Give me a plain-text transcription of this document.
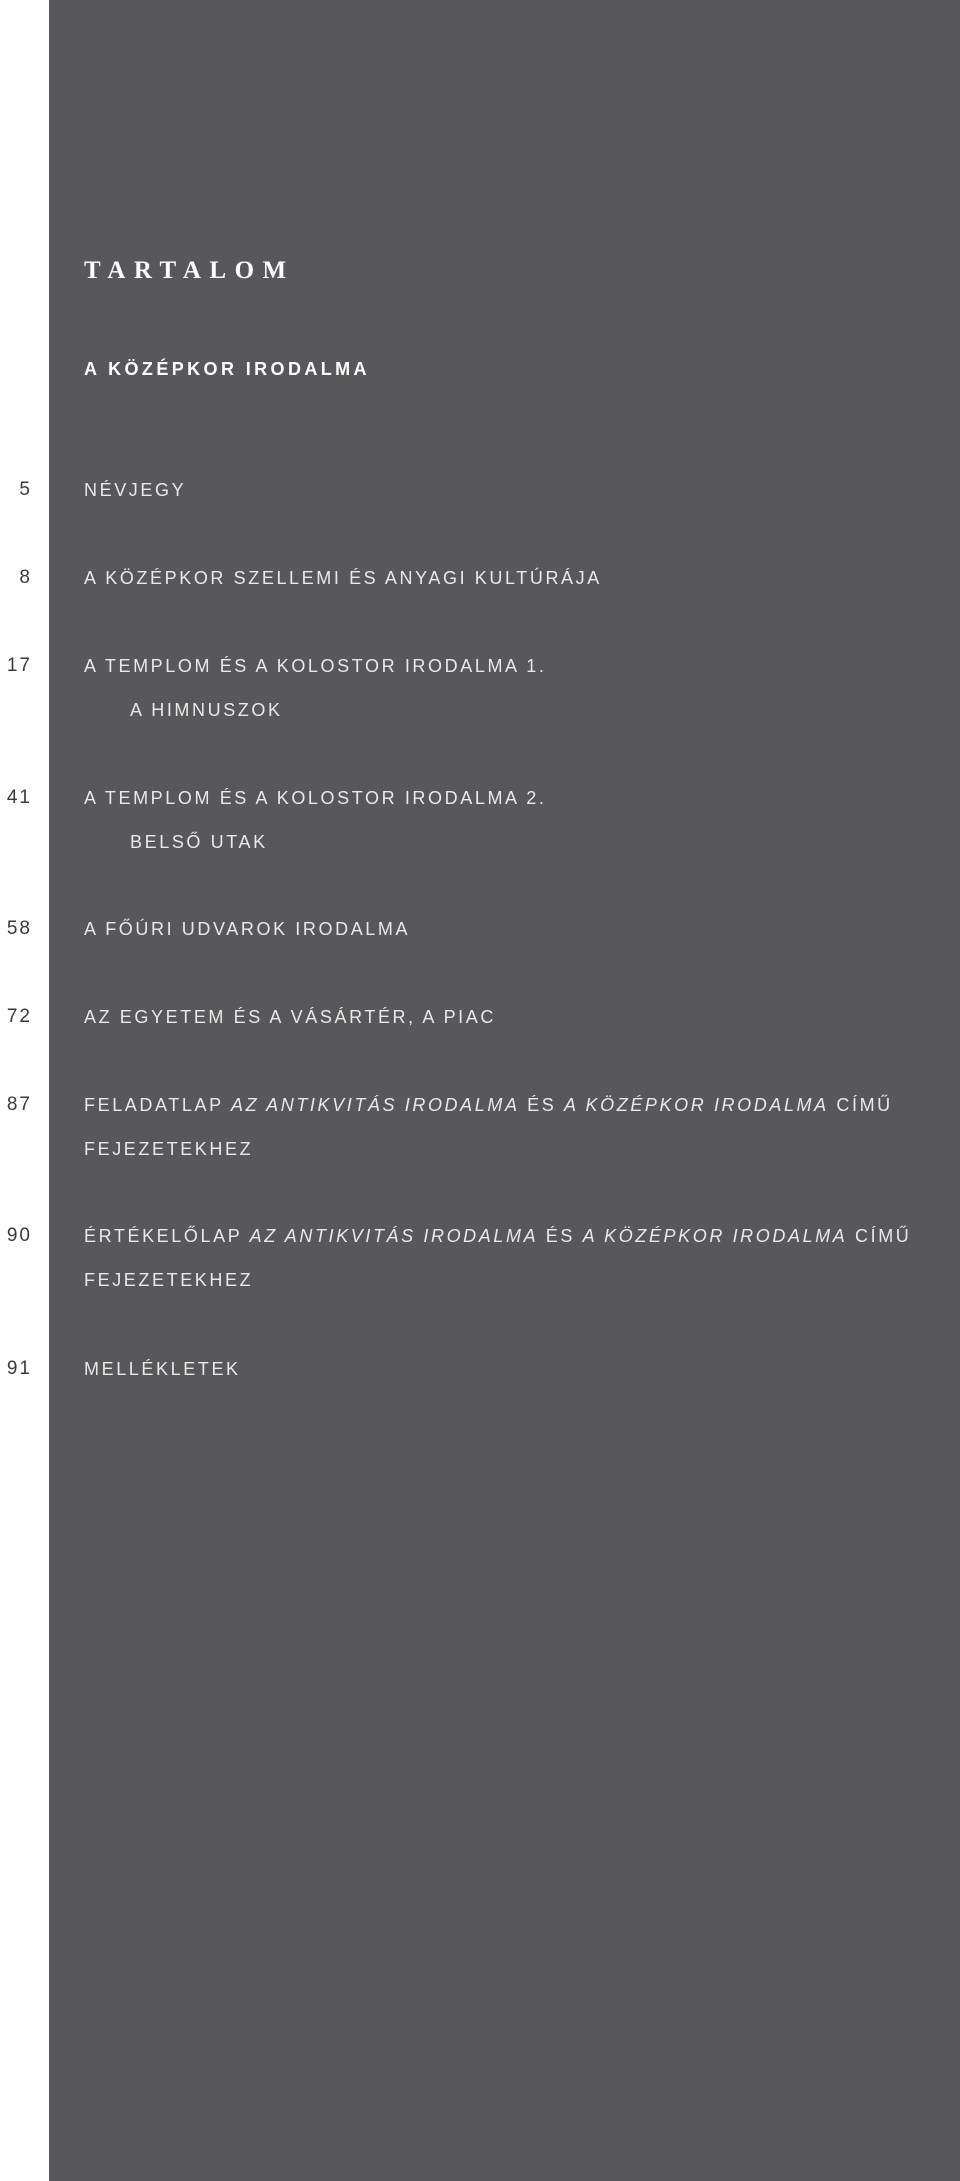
TARTALOM
A KÖZÉPKOR IRODALMA
5	NÉVJEGY
8	A KÖZÉPKOR SZELLEMI ÉS ANYAGI KULTÚRÁJA
17	A TEMPLOM ÉS A KOLOSTOR IRODALMA 1.
A HIMNUSZOK
41	A TEMPLOM ÉS A KOLOSTOR IRODALMA 2.
BELSŐ UTAK
58	A FŐÚRI UDVAROK IRODALMA
72	AZ EGYETEM ÉS A VÁSÁRTÉR, A PIAC
87	FELADATLAP AZ ANTIKVITÁS IRODALMA ÉS A KÖZÉPKOR IRODALMA CÍMŰ
FEJEZETEKHEZ
90	ÉRTÉKELŐLAP AZ ANTIKVITÁS IRODALMA ÉS A KÖZÉPKOR IRODALMA CÍMŰ
FEJEZETEKHEZ
91	MELLÉKLETEK
